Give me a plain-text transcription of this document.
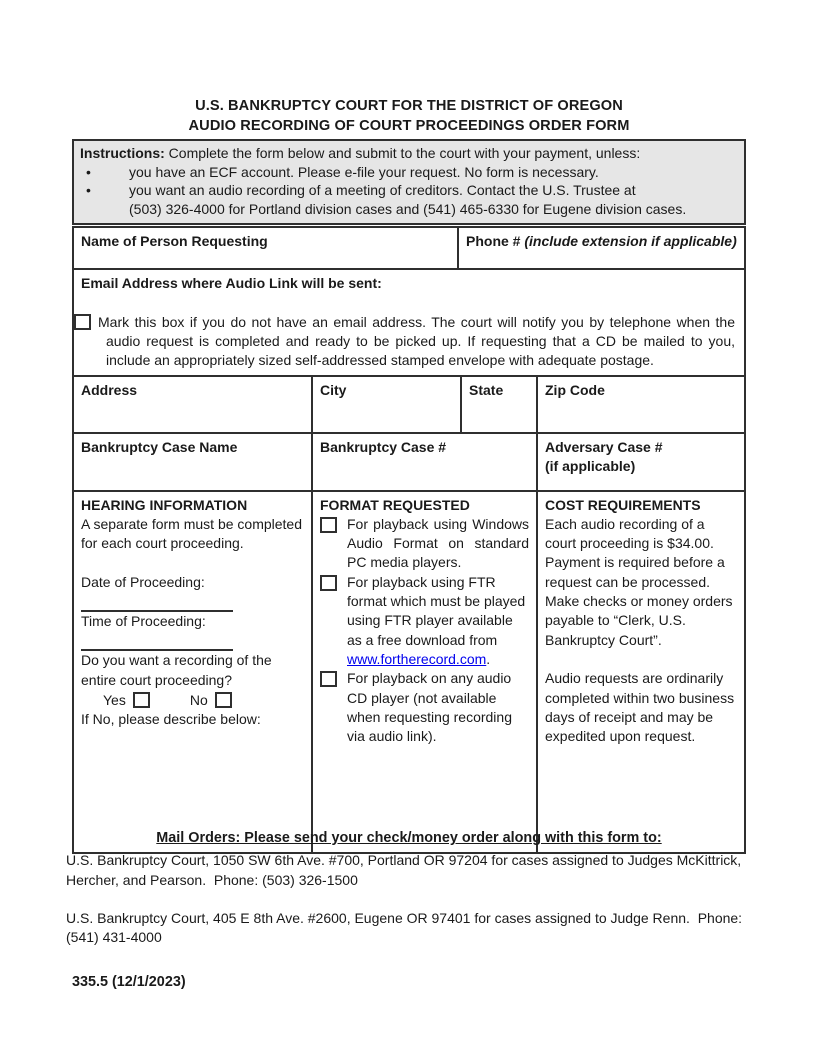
U.S. BANKRUPTCY COURT FOR THE DISTRICT OF OREGON
AUDIO RECORDING OF COURT PROCEEDINGS ORDER FORM
Instructions: Complete the form below and submit to the court with your payment, unless:
•	you have an ECF account. Please e-file your request. No form is necessary.
•	you want an audio recording of a meeting of creditors. Contact the U.S. Trustee at
(503) 326-4000 for Portland division cases and (541) 465-6330 for Eugene division cases.
Name of Person Requesting	Phone # (include extension if applicable)
Email Address where Audio Link will be sent:
Mark this box if you do not have an email address. The court will notify you by telephone when the audio request is completed and ready to be picked up. If requesting that a CD be mailed to you, include an appropriately sized self-addressed stamped envelope with adequate postage.
Address	City	State	Zip Code
Bankruptcy Case Name	Bankruptcy Case #	Adversary Case #
(if applicable)
HEARING INFORMATION
A separate form must be completed for each court proceeding.
Date of Proceeding:
Time of Proceeding:
Do you want a recording of the entire court proceeding?
Yes	No
If No, please describe below:
FORMAT REQUESTED
For playback using Windows Audio Format on standard PC media players.
For playback using FTR format which must be played using FTR player available as a free download from www.fortherecord.com.
For playback on any audio CD player (not available when requesting recording via audio link).
COST REQUIREMENTS
Each audio recording of a court proceeding is $34.00. Payment is required before a request can be processed. Make checks or money orders payable to “Clerk, U.S. Bankruptcy Court”.
Audio requests are ordinarily completed within two business days of receipt and may be expedited upon request.
Mail Orders: Please send your check/money order along with this form to:
U.S. Bankruptcy Court, 1050 SW 6th Ave. #700, Portland OR 97204 for cases assigned to Judges McKittrick, Hercher, and Pearson.  Phone: (503) 326-1500
U.S. Bankruptcy Court, 405 E 8th Ave. #2600, Eugene OR 97401 for cases assigned to Judge Renn.  Phone: (541) 431-4000
335.5 (12/1/2023)
